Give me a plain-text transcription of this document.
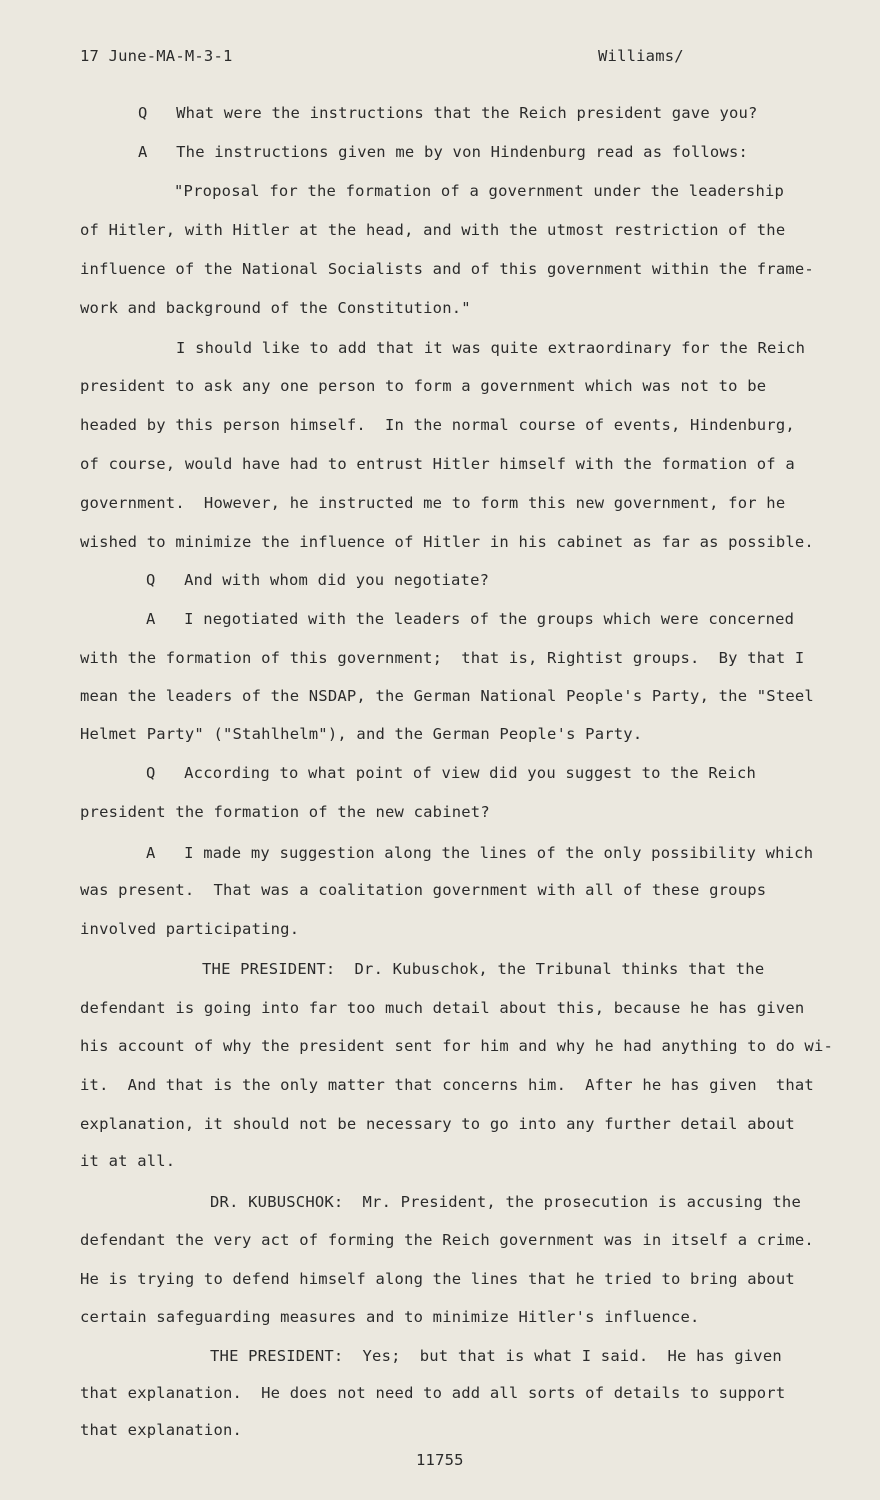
17 June-MA-M-3-1	Williams/
Q   What were the instructions that the Reich president gave you?
A   The instructions given me by von Hindenburg read as follows:
"Proposal for the formation of a government under the leadership
of Hitler, with Hitler at the head, and with the utmost restriction of the
influence of the National Socialists and of this government within the frame-
work and background of the Constitution."
I should like to add that it was quite extraordinary for the Reich
president to ask any one person to form a government which was not to be
headed by this person himself.  In the normal course of events, Hindenburg,
of course, would have had to entrust Hitler himself with the formation of a
government.  However, he instructed me to form this new government, for he
wished to minimize the influence of Hitler in his cabinet as far as possible.
Q   And with whom did you negotiate?
A   I negotiated with the leaders of the groups which were concerned
with the formation of this government;  that is, Rightist groups.  By that I
mean the leaders of the NSDAP, the German National People's Party, the "Steel
Helmet Party" ("Stahlhelm"), and the German People's Party.
Q   According to what point of view did you suggest to the Reich
president the formation of the new cabinet?
A   I made my suggestion along the lines of the only possibility which
was present.  That was a coalitation government with all of these groups
involved participating.
THE PRESIDENT:  Dr. Kubuschok, the Tribunal thinks that the
defendant is going into far too much detail about this, because he has given
his account of why the president sent for him and why he had anything to do wi-
it.  And that is the only matter that concerns him.  After he has given  that
explanation, it should not be necessary to go into any further detail about
it at all.
DR. KUBUSCHOK:  Mr. President, the prosecution is accusing the
defendant the very act of forming the Reich government was in itself a crime.
He is trying to defend himself along the lines that he tried to bring about
certain safeguarding measures and to minimize Hitler's influence.
THE PRESIDENT:  Yes;  but that is what I said.  He has given
that explanation.  He does not need to add all sorts of details to support
that explanation.
11755
